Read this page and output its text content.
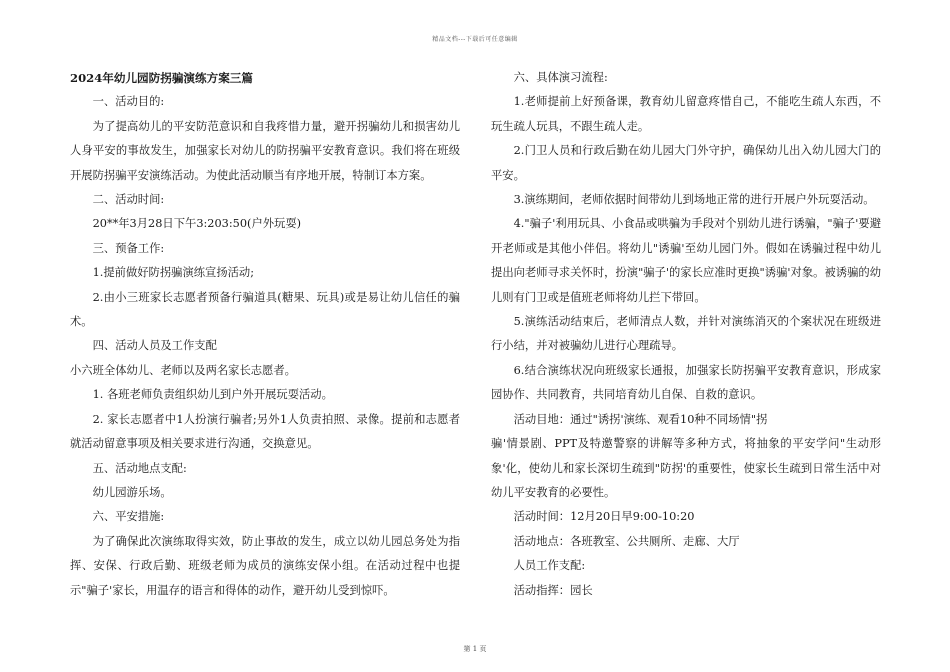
精品文档---下载后可任意编辑

2024年幼儿园防拐骗演练方案三篇

一、活动目的:

为了提高幼儿的平安防范意识和自我疼惜力量，避开拐骗幼儿和损害幼儿人身平安的事故发生，加强家长对幼儿的防拐骗平安教育意识。我们将在班级开展防拐骗平安演练活动。为使此活动顺当有序地开展，特制订本方案。

二、活动时间:

20**年3月28日下午3:203:50(户外玩耍)

三、预备工作:

1.提前做好防拐骗演练宣扬活动;

2.由小三班家长志愿者预备行骗道具(糖果、玩具)或是易让幼儿信任的骗术。

四、活动人员及工作支配

小六班全体幼儿、老师以及两名家长志愿者。

1. 各班老师负责组织幼儿到户外开展玩耍活动。

2. 家长志愿者中1人扮演行骗者;另外1人负责拍照、录像。提前和志愿者就活动留意事项及相关要求进行沟通，交换意见。

五、活动地点支配:

幼儿园游乐场。

六、平安措施:

为了确保此次演练取得实效，防止事故的发生，成立以幼儿园总务处为指挥、安保、行政后勤、班级老师为成员的演练安保小组。在活动过程中也提示"骗子'家长，用温存的语言和得体的动作，避开幼儿受到惊吓。

六、具体演习流程:

1.老师提前上好预备课，教育幼儿留意疼惜自己，不能吃生疏人东西，不玩生疏人玩具，不跟生疏人走。

2.门卫人员和行政后勤在幼儿园大门外守护，确保幼儿出入幼儿园大门的平安。

3.演练期间，老师依据时间带幼儿到场地正常的进行开展户外玩耍活动。

4."骗子'利用玩具、小食品或哄骗为手段对个别幼儿进行诱骗，"骗子'要避开老师或是其他小伴侣。将幼儿"诱骗'至幼儿园门外。假如在诱骗过程中幼儿提出向老师寻求关怀时，扮演"骗子'的家长应准时更换"诱骗'对象。被诱骗的幼儿则有门卫或是值班老师将幼儿拦下带回。

5.演练活动结束后，老师清点人数，并针对演练消灭的个案状况在班级进行小结，并对被骗幼儿进行心理疏导。

6.结合演练状况向班级家长通报，加强家长防拐骗平安教育意识，形成家园协作、共同教育，共同培育幼儿自保、自救的意识。

活动目地：通过"诱拐'演练、观看10种不同场情"拐

骗'情景剧、PPT及特邀警察的讲解等多种方式，将抽象的平安学问"生动形象'化，使幼儿和家长深切生疏到"防拐'的重要性，使家长生疏到日常生活中对幼儿平安教育的必要性。

活动时间：12月20日早9:00-10:20

活动地点：各班教室、公共厕所、走廊、大厅

人员工作支配:

活动指挥：园长

第 1 页
